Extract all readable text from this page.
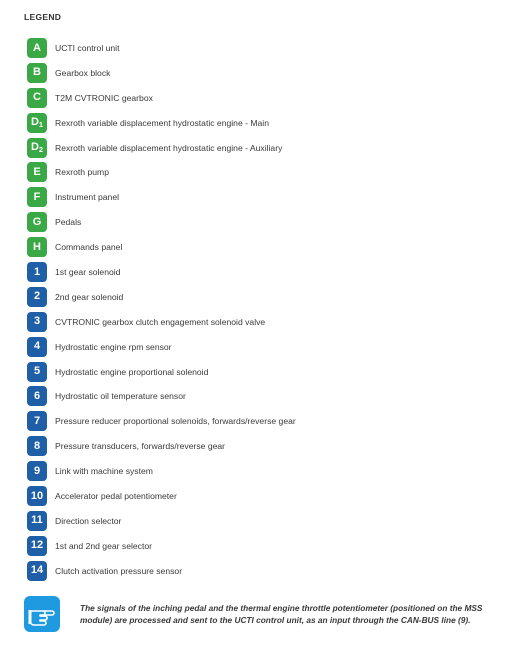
LEGEND
A UCTI control unit
B Gearbox block
C T2M CVTRONIC gearbox
D 1 Rexroth variable displacement hydrostatic engine - Main
D 2 Rexroth variable displacement hydrostatic engine - Auxiliary
E Rexroth pump
F Instrument panel
G Pedals
H Commands panel
1 1st gear solenoid
2 2nd gear solenoid
3 CVTRONIC gearbox clutch engagement solenoid valve
4 Hydrostatic engine rpm sensor
5 Hydrostatic engine proportional solenoid
6 Hydrostatic oil temperature sensor
7 Pressure reducer proportional solenoids, forwards/reverse gear
8 Pressure transducers, forwards/reverse gear
9 Link with machine system
10 Accelerator pedal potentiometer
11 Direction selector
12 1st and 2nd gear selector
14 Clutch activation pressure sensor
The signals of the inching pedal and the thermal engine throttle potentiometer (positioned on the MSS
module) are processed and sent to the UCTI control unit, as an input through the CAN-BUS line (9).
